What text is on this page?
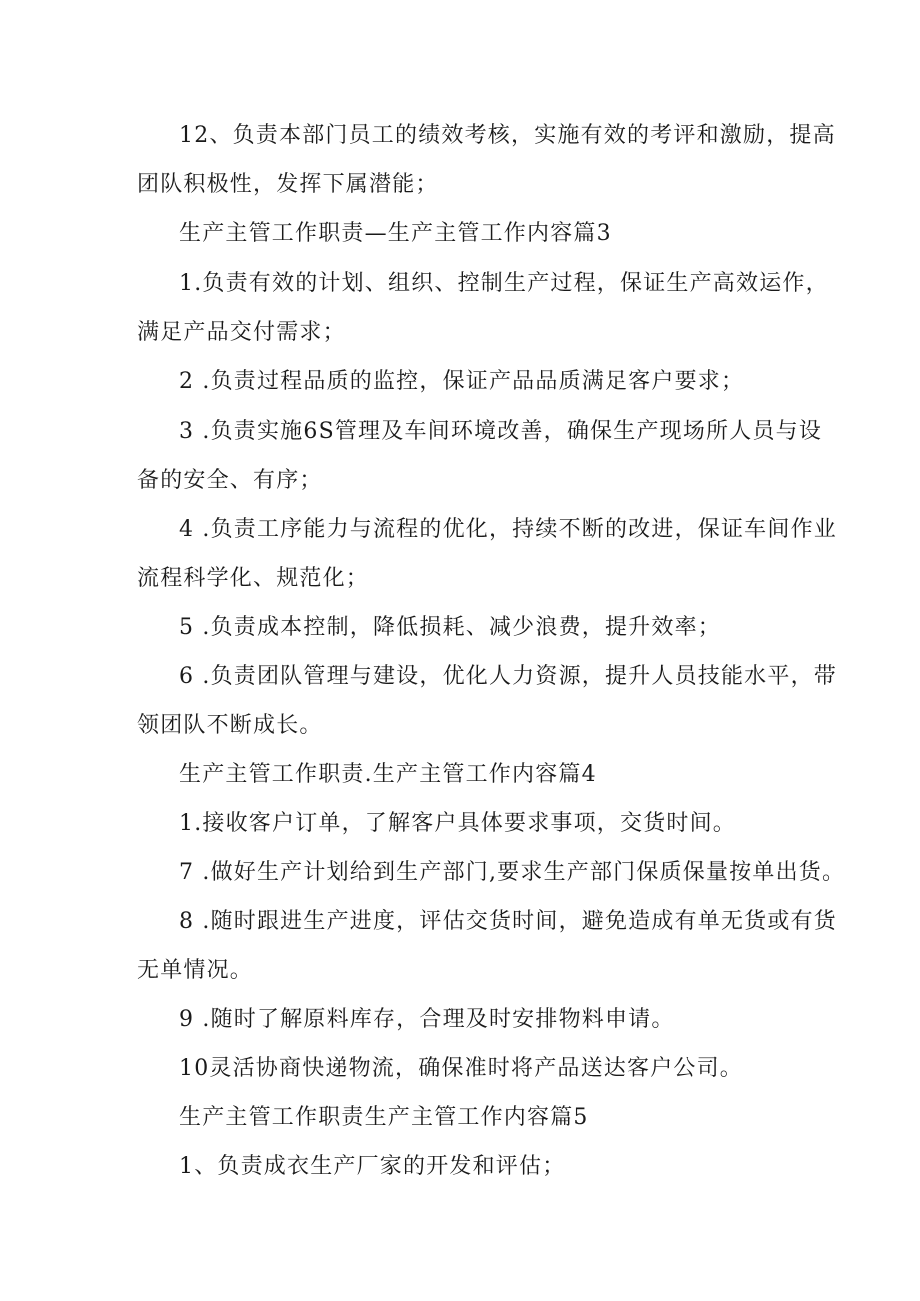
12、负责本部门员工的绩效考核，实施有效的考评和激励，提高
团队积极性，发挥下属潜能；
生产主管工作职责—生产主管工作内容篇3
1.负责有效的计划、组织、控制生产过程，保证生产高效运作，
满足产品交付需求；
2 .负责过程品质的监控，保证产品品质满足客户要求；
3 .负责实施6S管理及车间环境改善，确保生产现场所人员与设
备的安全、有序；
4 .负责工序能力与流程的优化，持续不断的改进，保证车间作业
流程科学化、规范化；
5 .负责成本控制，降低损耗、减少浪费，提升效率；
6 .负责团队管理与建设，优化人力资源，提升人员技能水平，带
领团队不断成长。
生产主管工作职责.生产主管工作内容篇4
1.接收客户订单，了解客户具体要求事项，交货时间。
7 .做好生产计划给到生产部门,要求生产部门保质保量按单出货。
8 .随时跟进生产进度，评估交货时间，避免造成有单无货或有货
无单情况。
9 .随时了解原料库存，合理及时安排物料申请。
10灵活协商快递物流，确保准时将产品送达客户公司。
生产主管工作职责生产主管工作内容篇5
1、负责成衣生产厂家的开发和评估；
